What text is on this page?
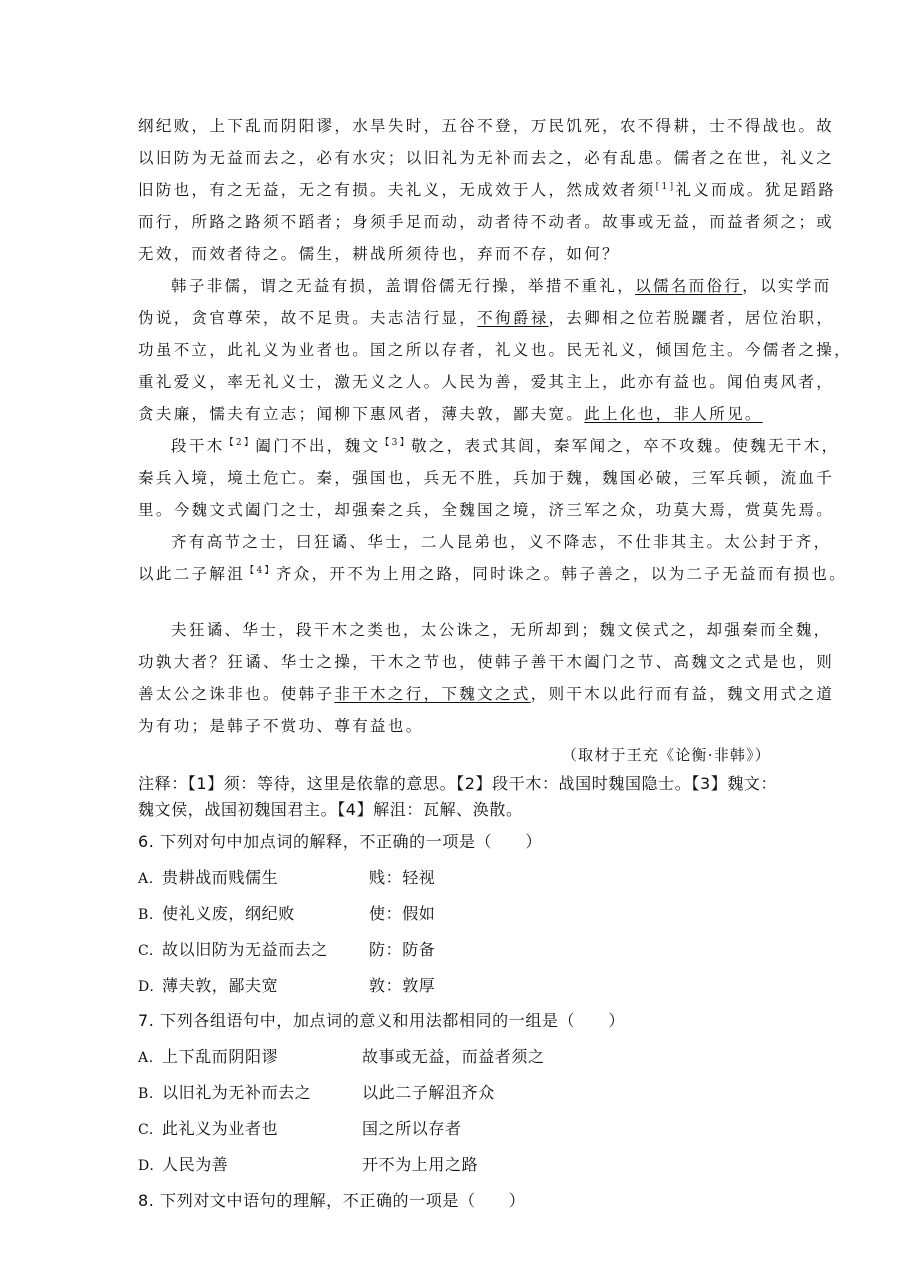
纲纪败，上下乱而阴阳谬，水旱失时，五谷不登，万民饥死，农不得耕，士不得战也。故
以旧防为无益而去之，必有水灾；以旧礼为无补而去之，必有乱患。儒者之在世，礼义之
旧防也，有之无益，无之有损。夫礼义，无成效于人，然成效者须[1]礼义而成。犹足蹈路
而行，所路之路须不蹈者；身须手足而动，动者待不动者。故事或无益，而益者须之；或
无效，而效者待之。儒生，耕战所须待也，弃而不存，如何？
韩子非儒，谓之无益有损，盖谓俗儒无行操，举措不重礼，以儒名而俗行，以实学而
伪说，贪官尊荣，故不足贵。夫志洁行显，不徇爵禄，去卿相之位若脱躧者，居位治职，
功虽不立，此礼义为业者也。国之所以存者，礼义也。民无礼义，倾国危主。今儒者之操，
重礼爱义，率无礼义士，激无义之人。人民为善，爱其主上，此亦有益也。闻伯夷风者，
贪夫廉，懦夫有立志；闻柳下惠风者，薄夫敦，鄙夫宽。此上化也，非人所见。
段干木$^{【2】}$阖门不出，魏文$^{【3】}$敬之，表式其闾，秦军闻之，卒不攻魏。使魏无干木，
秦兵入境，境土危亡。秦，强国也，兵无不胜，兵加于魏，魏国必破，三军兵顿，流血千
里。今魏文式阖门之士，却强秦之兵，全魏国之境，济三军之众，功莫大焉，赏莫先焉。
齐有高节之士，曰狂谲、华士，二人昆弟也，义不降志，不仕非其主。太公封于齐，
以此二子解沮$^{【4】}$齐众，开不为上用之路，同时诛之。韩子善之，以为二子无益而有损也。
夫狂谲、华士，段干木之类也，太公诛之，无所却到；魏文侯式之，却强秦而全魏，
功孰大者？狂谲、华士之操，干木之节也，使韩子善干木阖门之节、高魏文之式是也，则
善太公之诛非也。使韩子非干木之行，下魏文之式，则干木以此行而有益，魏文用式之道
为有功；是韩子不赏功、尊有益也。
（取材于王充《论衡·非韩》）
注释：【1】须：等待，这里是依靠的意思。【2】段干木：战国时魏国隐士。【3】魏文：
魏文侯，战国初魏国君主。【4】解沮：瓦解、涣散。
6. 下列对句中加点词的解释，不正确的一项是（　　）
A. 贵耕战而贱儒生	贱：轻视
B. 使礼义废，纲纪败	使：假如
C. 故以旧防为无益而去之	防：防备
D. 薄夫敦，鄙夫宽	敦：敦厚
7. 下列各组语句中，加点词的意义和用法都相同的一组是（　　）
A. 上下乱而阴阳谬	故事或无益，而益者须之
B. 以旧礼为无补而去之	以此二子解沮齐众
C. 此礼义为业者也	国之所以存者
D. 人民为善	开不为上用之路
8. 下列对文中语句的理解，不正确的一项是（　　）
